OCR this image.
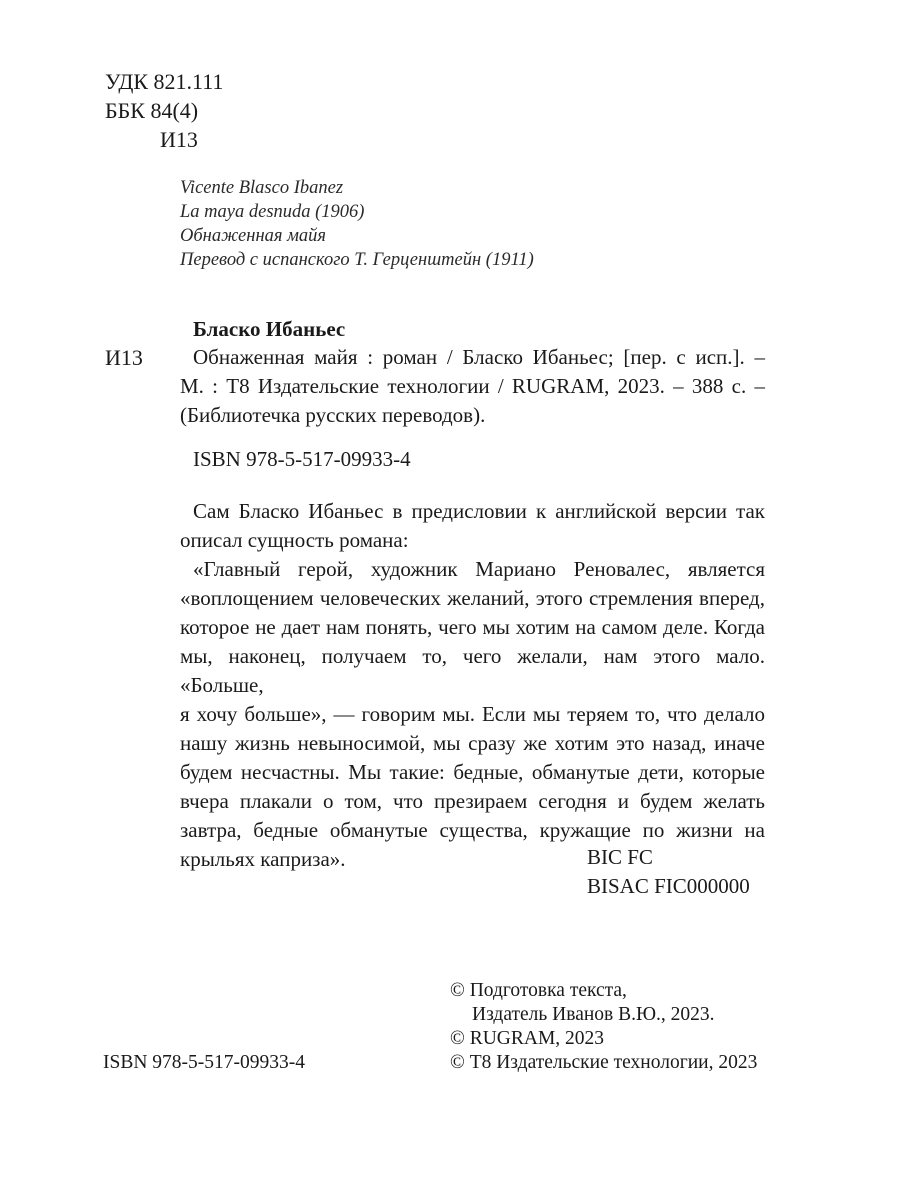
УДК 821.111
ББК 84(4)
И13
Vicente Blasco Ibanez
La maya desnuda (1906)
Обнаженная майя
Перевод с испанского Т. Герценштейн (1911)
Бласко Ибаньес
И13	Обнаженная майя : роман / Бласко Ибаньес; [пер. с исп.]. –
М. : Т8 Издательские технологии / RUGRAM, 2023. – 388 с. –
(Библиотечка русских переводов).
ISBN 978-5-517-09933-4
Сам Бласко Ибаньес в предисловии к английской версии так
описал сущность романа:
«Главный герой, художник Мариано Реновалес, является
«воплощением человеческих желаний, этого стремления вперед,
которое не дает нам понять, чего мы хотим на самом деле. Когда
мы, наконец, получаем то, чего желали, нам этого мало. «Больше,
я хочу больше», — говорим мы. Если мы теряем то, что делало
нашу жизнь невыносимой, мы сразу же хотим это назад, иначе
будем несчастны. Мы такие: бедные, обманутые дети, которые
вчера плакали о том, что презираем сегодня и будем желать
завтра, бедные обманутые существа, кружащие по жизни на
крыльях каприза».	BIC FC
BISAC FIC000000
ISBN 978-5-517-09933-4
© Подготовка текста,
Издатель Иванов В.Ю., 2023.
© RUGRAM, 2023
© Т8 Издательские технологии, 2023
